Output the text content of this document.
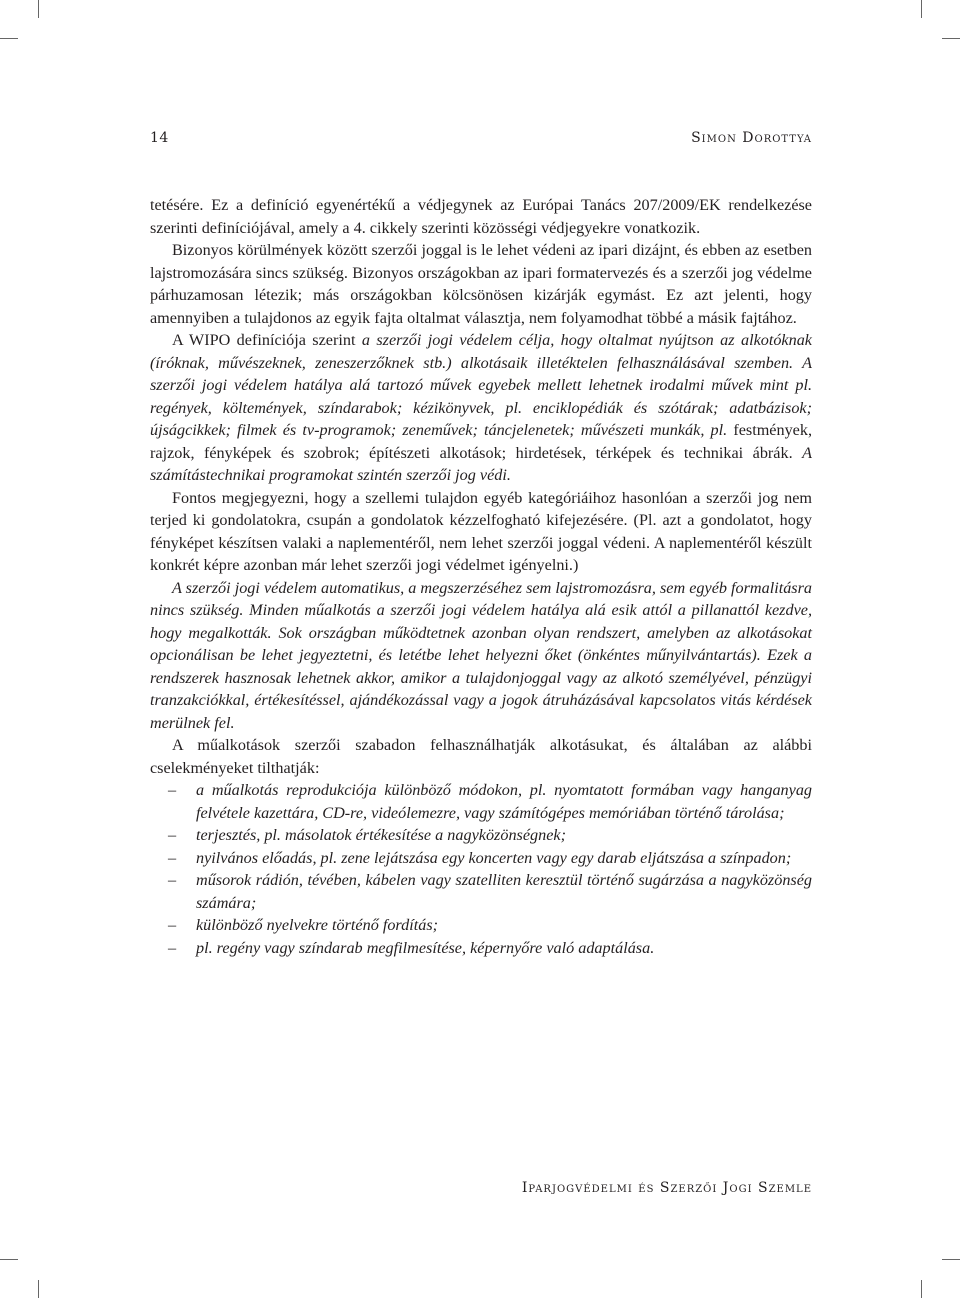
14	Simon Dorottya

tetésére. Ez a definíció egyenértékű a védjegynek az Európai Tanács 207/2009/EK rendelkezése szerinti definíciójával, amely a 4. cikkely szerinti közösségi védjegyekre vonatkozik.

Bizonyos körülmények között szerzői joggal is le lehet védeni az ipari dizájnt, és ebben az esetben lajstromozására sincs szükség. Bizonyos országokban az ipari formatervezés és a szerzői jog védelme párhuzamosan létezik; más országokban kölcsönösen kizárják egymást. Ez azt jelenti, hogy amennyiben a tulajdonos az egyik fajta oltalmat választja, nem folyamodhat többé a másik fajtához.

A WIPO definíciója szerint a szerzői jogi védelem célja, hogy oltalmat nyújtson az alkotóknak (íróknak, művészeknek, zeneszerzőknek stb.) alkotásaik illetéktelen felhasználásával szemben. A szerzői jogi védelem hatálya alá tartozó művek egyebek mellett lehetnek irodalmi művek mint pl. regények, költemények, színdarabok; kézikönyvek, pl. enciklopédiák és szótárak; adatbázisok; újságcikkek; filmek és tv-programok; zeneművek; táncjelenetek; művészeti munkák, pl. festmények, rajzok, fényképek és szobrok; építészeti alkotások; hirdetések, térképek és technikai ábrák. A számítástechnikai programokat szintén szerzői jog védi.

Fontos megjegyezni, hogy a szellemi tulajdon egyéb kategóriáihoz hasonlóan a szerzői jog nem terjed ki gondolatokra, csupán a gondolatok kézzelfogható kifejezésére. (Pl. azt a gondolatot, hogy fényképet készítsen valaki a naplementéről, nem lehet szerzői joggal védeni. A naplementéről készült konkrét képre azonban már lehet szerzői jogi védelmet igényelni.)

A szerzői jogi védelem automatikus, a megszerzéséhez sem lajstromozásra, sem egyéb formalitásra nincs szükség. Minden műalkotás a szerzői jogi védelem hatálya alá esik attól a pillanattól kezdve, hogy megalkották. Sok országban működtetnek azonban olyan rendszert, amelyben az alkotásokat opcionálisan be lehet jegyeztetni, és letétbe lehet helyezni őket (önkéntes műnyilvántartás). Ezek a rendszerek hasznosak lehetnek akkor, amikor a tulajdonjoggal vagy az alkotó személyével, pénzügyi tranzakciókkal, értékesítéssel, ajándékozással vagy a jogok átruházásával kapcsolatos vitás kérdések merülnek fel.

A műalkotások szerzői szabadon felhasználhatják alkotásukat, és általában az alábbi cselekményeket tilthatják:

– a műalkotás reprodukciója különböző módokon, pl. nyomtatott formában vagy hanganyag felvétele kazettára, CD-re, videólemezre, vagy számítógépes memóriában történő tárolása;
– terjesztés, pl. másolatok értékesítése a nagyközönségnek;
– nyilvános előadás, pl. zene lejátszása egy koncerten vagy egy darab eljátszása a színpadon;
– műsorok rádión, tévében, kábelen vagy szatelliten keresztül történő sugárzása a nagyközönség számára;
– különböző nyelvekre történő fordítás;
– pl. regény vagy színdarab megfilmesítése, képernyőre való adaptálása.
Iparjogvédelmi és Szerzői Jogi Szemle
